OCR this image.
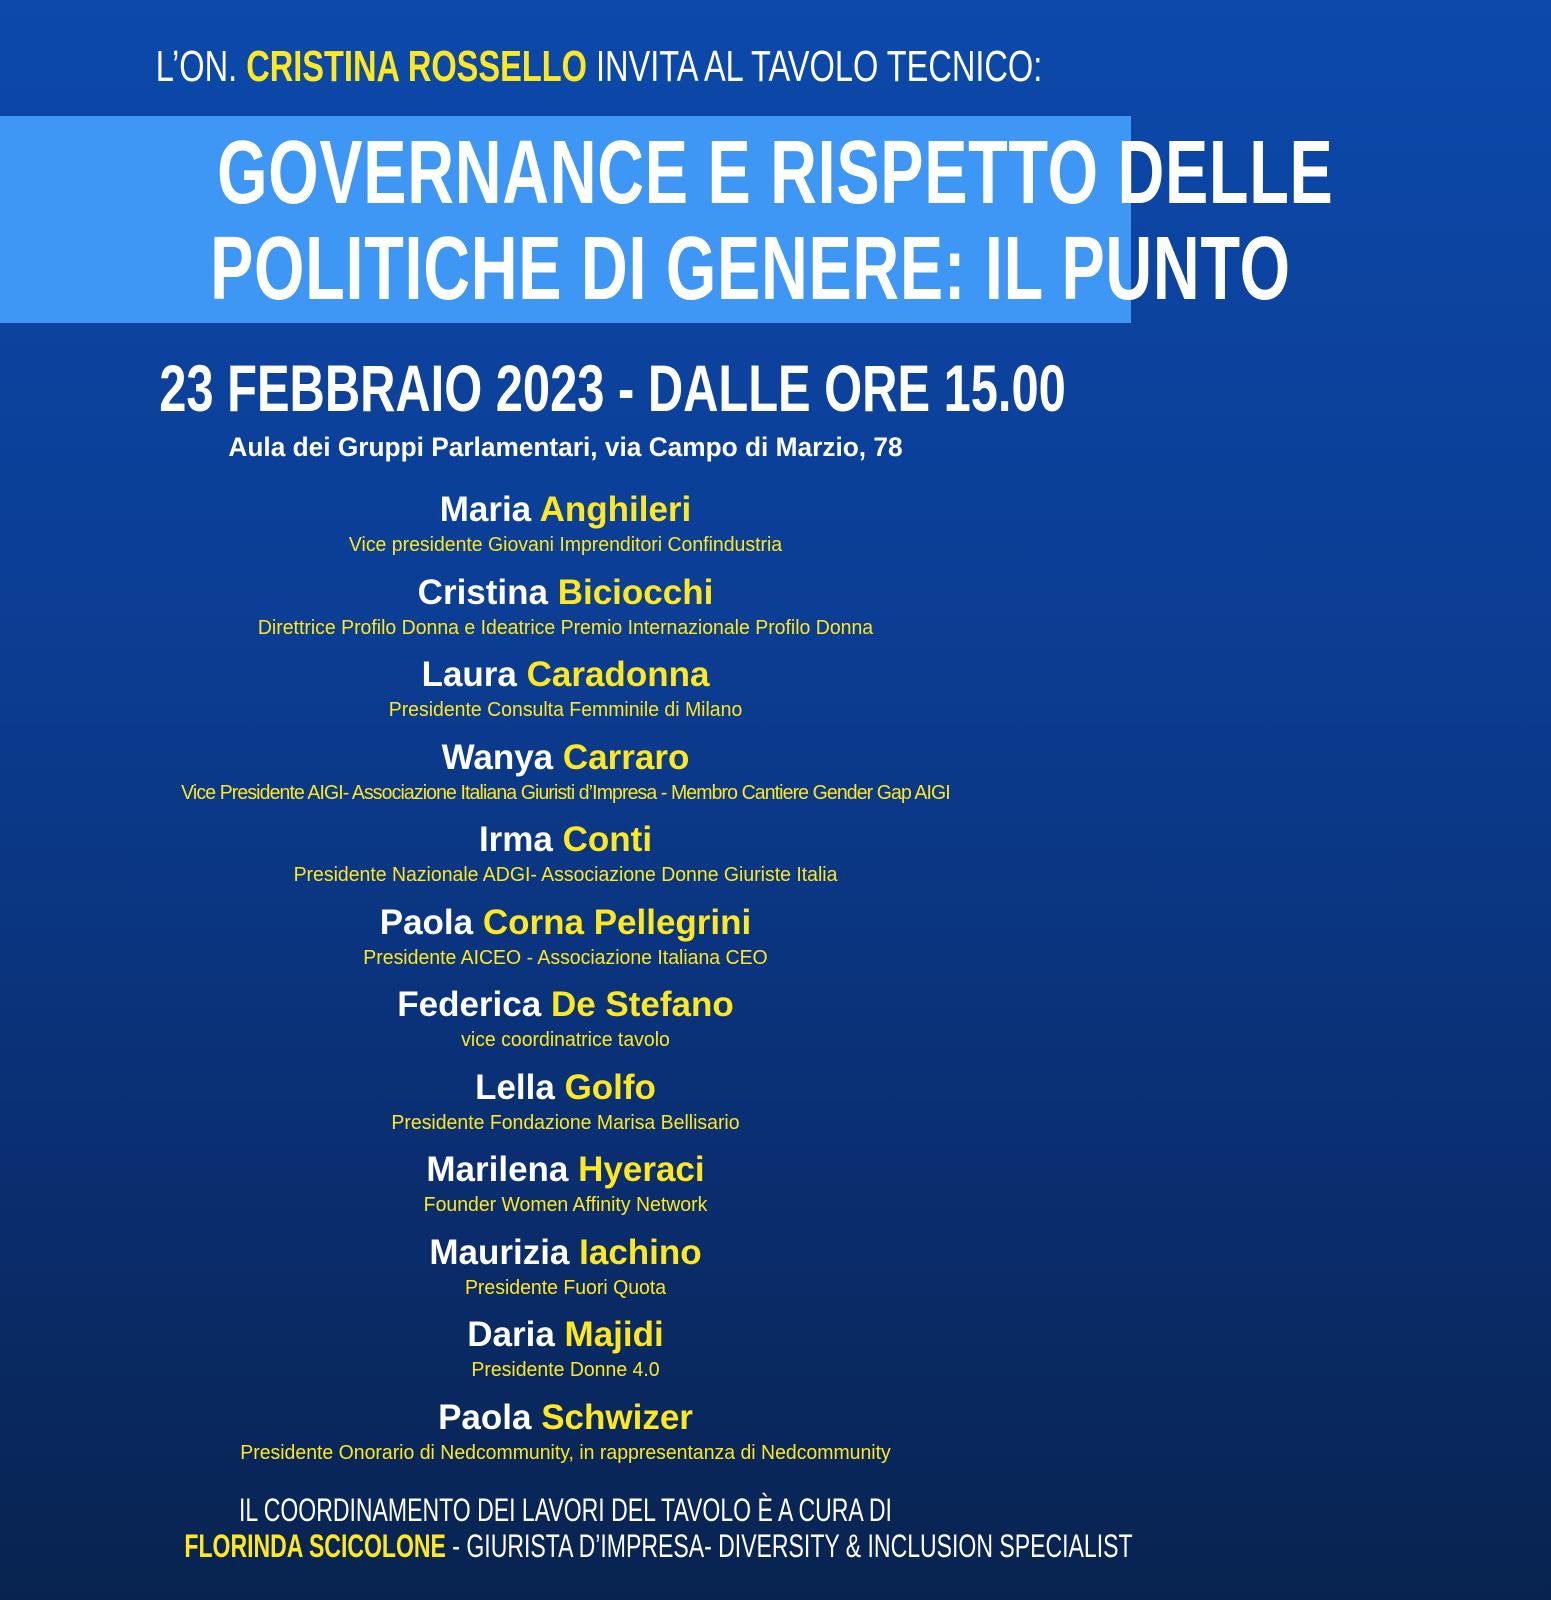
L’ON. CRISTINA ROSSELLO INVITA AL TAVOLO TECNICO:
GOVERNANCE E RISPETTO DELLE
POLITICHE DI GENERE: IL PUNTO
23 FEBBRAIO 2023 - DALLE ORE 15.00
Aula dei Gruppi Parlamentari, via Campo di Marzio, 78
Maria Anghileri
Vice presidente Giovani Imprenditori Confindustria
Cristina Biciocchi
Direttrice Profilo Donna e Ideatrice Premio Internazionale Profilo Donna
Laura Caradonna
Presidente Consulta Femminile di Milano
Wanya Carraro
Vice Presidente AIGI- Associazione Italiana Giuristi d’Impresa - Membro Cantiere Gender Gap AIGI
Irma Conti
Presidente Nazionale ADGI- Associazione Donne Giuriste Italia
Paola Corna Pellegrini
Presidente AICEO - Associazione Italiana CEO
Federica De Stefano
vice coordinatrice tavolo
Lella Golfo
Presidente Fondazione Marisa Bellisario
Marilena Hyeraci
Founder Women Affinity Network
Maurizia Iachino
Presidente Fuori Quota
Daria Majidi
Presidente Donne 4.0
Paola Schwizer
Presidente Onorario di Nedcommunity, in rappresentanza di Nedcommunity
IL COORDINAMENTO DEI LAVORI DEL TAVOLO È A CURA DI
FLORINDA SCICOLONE - GIURISTA D’IMPRESA- DIVERSITY & INCLUSION SPECIALIST
